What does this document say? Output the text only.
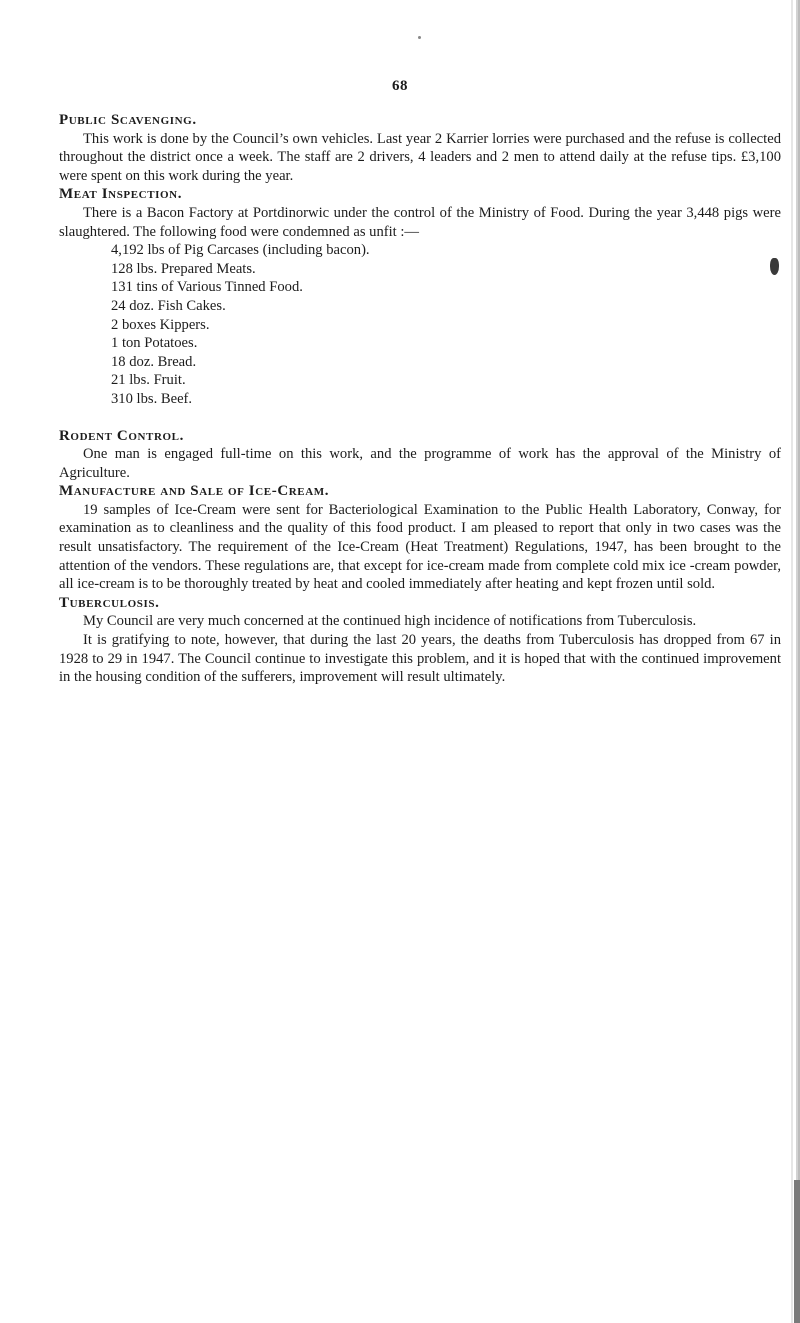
68
Public Scavenging.

This work is done by the Council’s own vehicles. Last year 2 Karrier lorries were purchased and the refuse is collected throughout the district once a week. The staff are 2 drivers, 4 leaders and 2 men to attend daily at the refuse tips. £3,100 were spent on this work during the year.

Meat Inspection.

There is a Bacon Factory at Portdinorwic under the control of the Ministry of Food. During the year 3,448 pigs were slaughtered. The following food were condemned as unfit :—

4,192 lbs of Pig Carcases (including bacon).
128 lbs. Prepared Meats.
131 tins of Various Tinned Food.
24 doz. Fish Cakes.
2 boxes Kippers.
1 ton Potatoes.
18 doz. Bread.
21 lbs. Fruit.
310 lbs. Beef.
Rodent Control.

One man is engaged full-time on this work, and the programme of work has the approval of the Ministry of Agriculture.

Manufacture and Sale of Ice-Cream.

19 samples of Ice-Cream were sent for Bacteriological Examination to the Public Health Laboratory, Conway, for examination as to cleanliness and the quality of this food product. I am pleased to report that only in two cases was the result unsatisfactory. The requirement of the Ice-Cream (Heat Treatment) Regulations, 1947, has been brought to the attention of the vendors. These regulations are, that except for ice-cream made from complete cold mix ice -cream powder, all ice-cream is to be thoroughly treated by heat and cooled immediately after heating and kept frozen until sold.

Tuberculosis.

My Council are very much concerned at the continued high incidence of notifications from Tuberculosis.

It is gratifying to note, however, that during the last 20 years, the deaths from Tuberculosis has dropped from 67 in 1928 to 29 in 1947. The Council continue to investigate this problem, and it is hoped that with the continued improvement in the housing condition of the sufferers, improvement will result ultimately.
